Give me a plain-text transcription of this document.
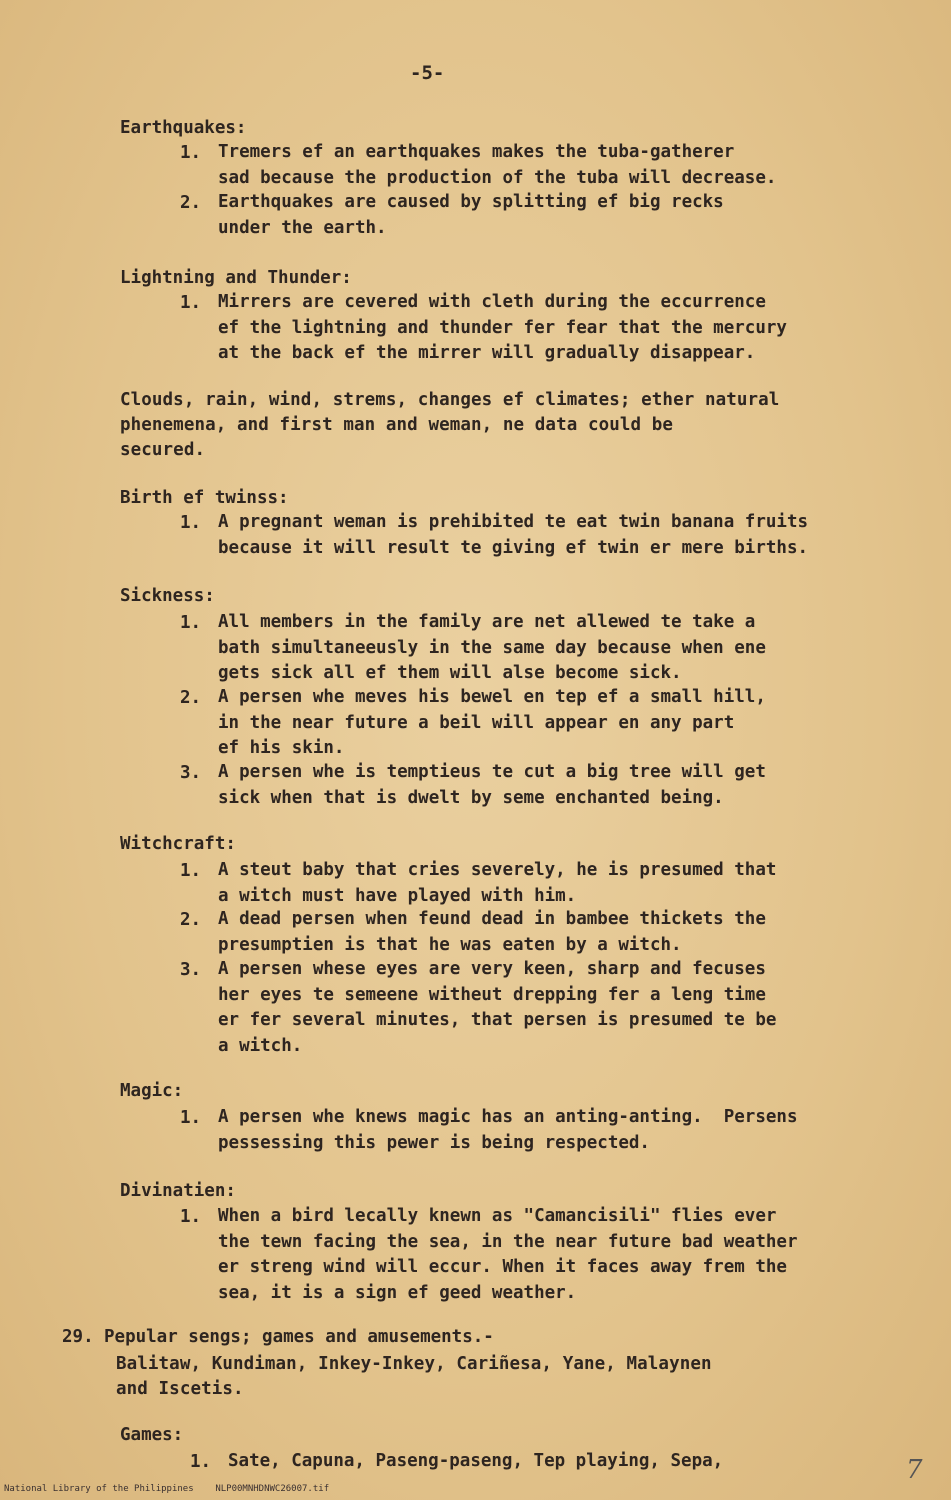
-5-
Earthquakes:
1. Tremers ef an earthquakes makes the tuba-gatherer
sad because the production of the tuba will decrease.
2. Earthquakes are caused by splitting ef big recks
under the earth.
Lightning and Thunder:
1. Mirrers are cevered with cleth during the eccurrence
ef the lightning and thunder fer fear that the mercury
at the back ef the mirrer will gradually disappear.
Clouds, rain, wind, strems, changes ef climates; ether natural
phenemena, and first man and weman, ne data could be
secured.
Birth ef twinss:
1. A pregnant weman is prehibited te eat twin banana fruits
because it will result te giving ef twin er mere births.
Sickness:
1. All members in the family are net allewed te take a
bath simultaneeusly in the same day because when ene
gets sick all ef them will alse become sick.
2. A persen whe meves his bewel en tep ef a small hill,
in the near future a beil will appear en any part
ef his skin.
3. A persen whe is temptieus te cut a big tree will get
sick when that is dwelt by seme enchanted being.
Witchcraft:
1. A steut baby that cries severely, he is presumed that
a witch must have played with him.
2. A dead persen when feund dead in bambee thickets the
presumptien is that he was eaten by a witch.
3. A persen whese eyes are very keen, sharp and fecuses
her eyes te semeene witheut drepping fer a leng time
er fer several minutes, that persen is presumed te be
a witch.
Magic:
1. A persen whe knews magic has an anting-anting.  Persens
pessessing this pewer is being respected.
Divinatien:
1. When a bird lecally knewn as "Camancisili" flies ever
the tewn facing the sea, in the near future bad weather
er streng wind will eccur. When it faces away frem the
sea, it is a sign ef geed weather.
29. Pepular sengs; games and amusements.-
Balitaw, Kundiman, Inkey-Inkey, Cariñesa, Yane, Malaynen
and Iscetis.
Games:
1. Sate, Capuna, Paseng-paseng, Tep playing, Sepa,
National Library of the Philippines    NLP00MNHDNWC26007.tif
7
